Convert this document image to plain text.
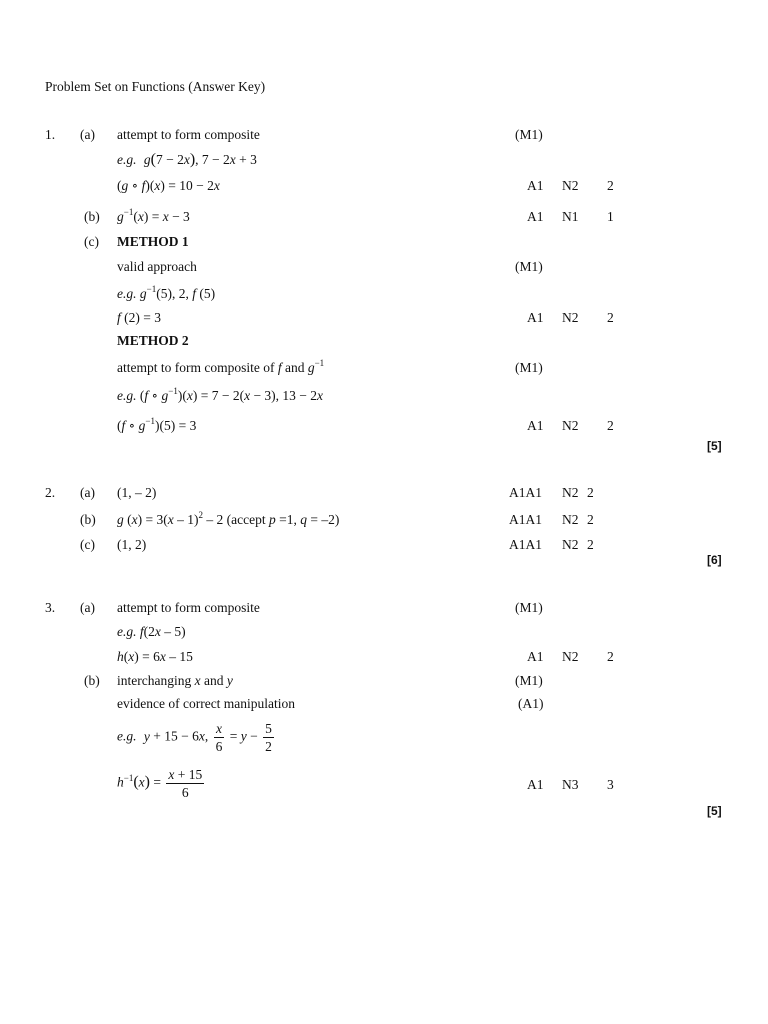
Problem Set on Functions (Answer Key)
1. (a) attempt to form composite	(M1)
e.g. g(7 − 2x), 7 − 2x + 3
(g ∘ f)(x) = 10 − 2x	A1 N2 2
(b) $g^{-1}(x) = x - 3$	A1 N1 1
(c) METHOD 1
valid approach	(M1)
e.g. $g^{-1}(5)$, 2, f (5)
f (2) = 3	A1 N2 2
METHOD 2
attempt to form composite of f and $g^{-1}$	(M1)
e.g. (f ∘ $g^{-1})(x) = 7 - 2(x - 3)$, 13 − 2x
(f ∘ $g^{-1})(5) = 3$	A1 N2 2
[5]
2. (a) (1, – 2)	A1A1 N2 2
(b) g (x) = 3(x – 1)$^2$ – 2 (accept p =1, q = –2)	A1A1 N2 2
(c) (1, 2)	A1A1 N2 2
[6]
3. (a) attempt to form composite	(M1)
e.g. f(2x – 5)
h(x) = 6x – 15	A1 N2 2
(b) interchanging x and y	(M1)
evidence of correct manipulation	(A1)
e.g. y + 15 − 6x, $\frac{x}{6} = y - \frac{5}{2}$
$h^{-1}(x) = \frac{x + 15}{6}$	A1 N3 3
[5]
